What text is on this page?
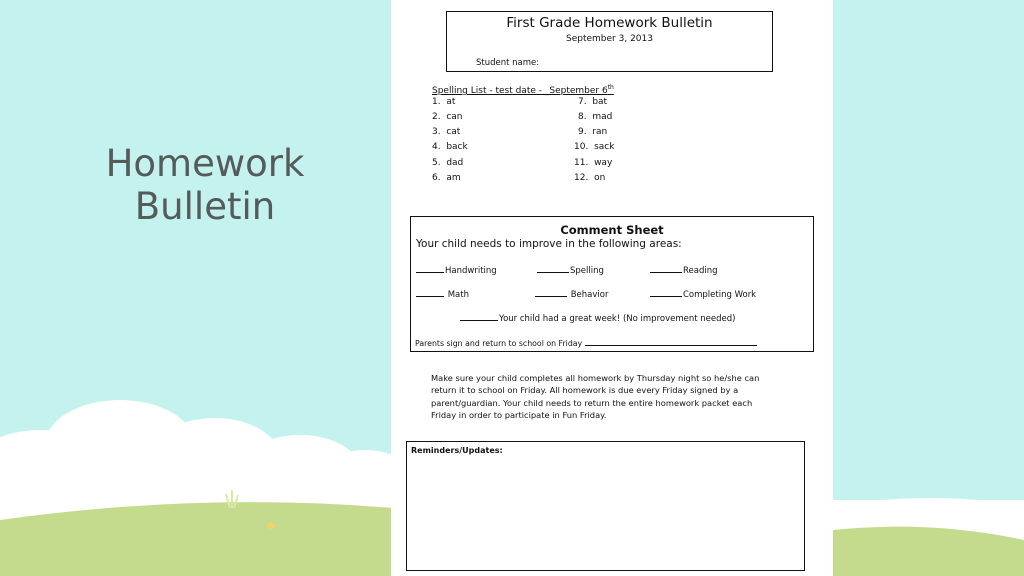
Homework
Bulletin
First Grade Homework Bulletin
September 3, 2013
Student name:
Spelling List - test date - _September 6th
1. at
2. can
3. cat
4. back
5. dad
6. am
7. bat
8. mad
9. ran
10. sack
11. way
12. on
Comment Sheet
Your child needs to improve in the following areas:
Handwriting	Spelling	Reading
Math	Behavior	Completing Work
Your child had a great week! (No improvement needed)
Parents sign and return to school on Friday
Make sure your child completes all homework by Thursday night so he/she can return it to school on Friday. All homework is due every Friday signed by a parent/guardian. Your child needs to return the entire homework packet each Friday in order to participate in Fun Friday.
Reminders/Updates:
